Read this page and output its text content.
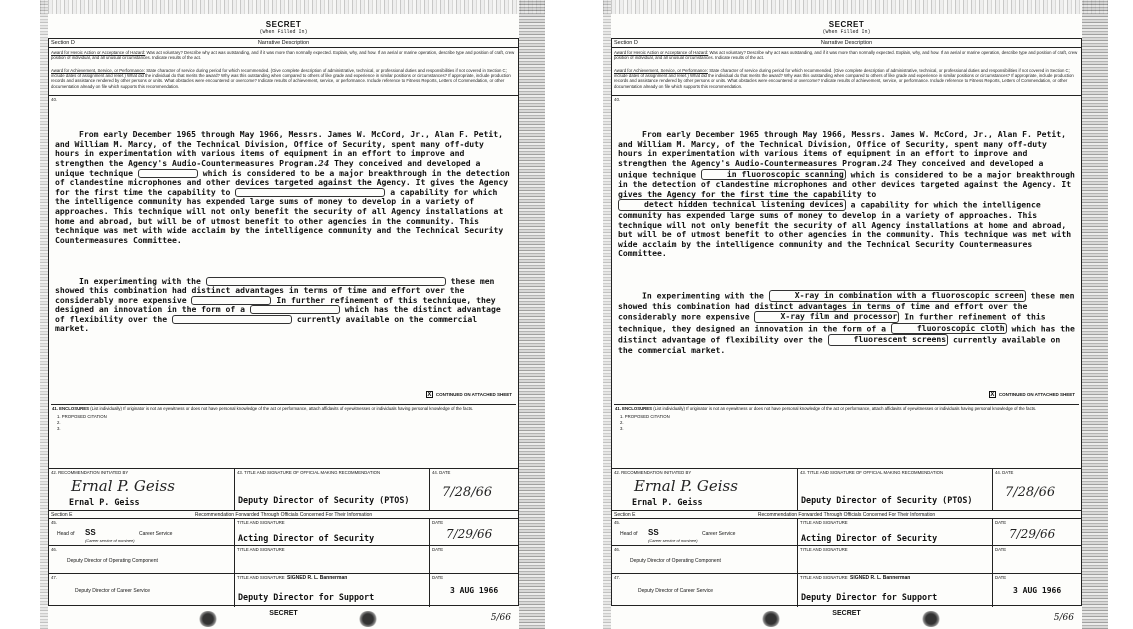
SECRET
(When Filled In)
Section D	Narrative Description
Award for Heroic Action or Acceptance of Hazard: Was act voluntary? Describe why act was outstanding, and if it was more than normally expected. Explain, why, and how. If an aerial or marine operation, describe type and position of craft, crew position of individual, and all unusual circumstances. Indicate results of the act.
Award for Achievement, Service, or Performance: State character of service during period for which recommended. (Give complete description of administrative, technical, or professional duties and responsibilities if not covered in Section C; include dates of assignment and relief.) What did the individual do that merits the award? Why was this outstanding when compared to others of like grade and experience in similar positions or circumstances? If appropriate, include production records and assistance rendered by other persons or units. What obstacles were encountered or overcome? Indicate results of achievement, service, or performance. Include reference to Fitness Reports, Letters of Commendation, or other documentation already on file which supports this recommendation.
40.

From early December 1965 through May 1966, Messrs. James W. McCord, Jr., Alan F. Petit, and William M. Marcy, of the Technical Division, Office of Security, spent many off-duty hours in experimentation with various items of equipment in an effort to improve and strengthen the Agency's Audio-Countermeasures Program.24 They conceived and developed a unique technique	which is considered to be a major breakthrough in the detection of clandestine microphones and other devices targeted against the Agency. It gives the Agency for the first time the capability to	a capability for which the intelligence community has expended large sums of money to develop in a variety of approaches. This technique will not only benefit the security of all Agency installations at home and abroad, but will be of utmost benefit to other agencies in the community. This technique was met with wide acclaim by the intelligence community and the Technical Security Countermeasures Committee.

In experimenting with the	these men showed this combination had distinct advantages in terms of time and effort over the considerably more expensive	In further refinement of this technique, they designed an innovation in the form of a	which has the distinct advantage of flexibility over the	currently available on the commercial market.

X	CONTINUED ON ATTACHED SHEET
41. ENCLOSURES (List individually) If originator is not an eyewitness or does not have personal knowledge of the act or performance, attach affidavits of eyewitnesses or individuals having personal knowledge of the facts.
1. PROPOSED CITATION
2.
3.
42. RECOMMENDATION INITIATED BY
Ernal P. Geiss
Ernal P. Geiss
43. TITLE AND SIGNATURE OF OFFICIAL MAKING RECOMMENDATION
Deputy Director of Security (PTOS)
44. DATE
7/28/66
Section E	Recommendation Forwarded Through Officials Concerned For Their Information
45.
Head of SS	Career Service
(Career service of nominee)
TITLE AND SIGNATURE
Acting Director of Security
DATE
7/29/66
46.
Deputy Director of Operating Component
TITLE AND SIGNATURE	DATE
47.
Deputy Director of Career Service
TITLE AND SIGNATURE SIGNED R. L. Bannerman
Deputy Director for Support
DATE
3 AUG 1966
SECRET	5/66
SECRET
(When Filled In)
Section D	Narrative Description
Award for Heroic Action or Acceptance of Hazard: Was act voluntary? Describe why act was outstanding, and if it was more than normally expected. Explain, why, and how. If an aerial or marine operation, describe type and position of craft, crew position of individual, and all unusual circumstances. Indicate results of the act.
Award for Achievement, Service, or Performance: State character of service during period for which recommended. (Give complete description of administrative, technical, or professional duties and responsibilities if not covered in Section C; include dates of assignment and relief.) What did the individual do that merits the award? Why was this outstanding when compared to others of like grade and experience in similar positions or circumstances? If appropriate, include production records and assistance rendered by other persons or units. What obstacles were encountered or overcome? Indicate results of achievement, service, or performance. Include reference to Fitness Reports, Letters of Commendation, or other documentation already on file which supports this recommendation.
40.

From early December 1965 through May 1966, Messrs. James W. McCord, Jr., Alan F. Petit, and William M. Marcy, of the Technical Division, Office of Security, spent many off-duty hours in experimentation with various items of equipment in an effort to improve and strengthen the Agency's Audio-Countermeasures Program.24 They conceived and developed a unique technique	in fluoroscopic scanning which is considered to be a major breakthrough in the detection of clandestine microphones and other devices targeted against the Agency. It gives the Agency for the first time the capability to detect hidden technical listening devices a capability for which the intelligence community has expended large sums of money to develop in a variety of approaches. This technique will not only benefit the security of all Agency installations at home and abroad, but will be of utmost benefit to other agencies in the community. This technique was met with wide acclaim by the intelligence community and the Technical Security Countermeasures Committee.

In experimenting with the	X-ray in combination with a fluoroscopic screen these men showed this combination had distinct advantages in terms of time and effort over the considerably more expensive	X-ray film and processor In further refinement of this technique, they designed an innovation in the form of a	fluoroscopic cloth which has the distinct advantage of flexibility over the	fluorescent screens currently available on the commercial market.

X	CONTINUED ON ATTACHED SHEET
41. ENCLOSURES (List individually) If originator is not an eyewitness or does not have personal knowledge of the act or performance, attach affidavits of eyewitnesses or individuals having personal knowledge of the facts.
1. PROPOSED CITATION
2.
3.
42. RECOMMENDATION INITIATED BY
Ernal P. Geiss
Ernal P. Geiss
43. TITLE AND SIGNATURE OF OFFICIAL MAKING RECOMMENDATION
Deputy Director of Security (PTOS)
44. DATE
7/28/66
Section E	Recommendation Forwarded Through Officials Concerned For Their Information
45.
Head of SS	Career Service
(Career service of nominee)
TITLE AND SIGNATURE
Acting Director of Security
DATE
7/29/66
46.
Deputy Director of Operating Component
TITLE AND SIGNATURE	DATE
47.
Deputy Director of Career Service
TITLE AND SIGNATURE SIGNED R. L. Bannerman
Deputy Director for Support
DATE
3 AUG 1966
SECRET	5/66
